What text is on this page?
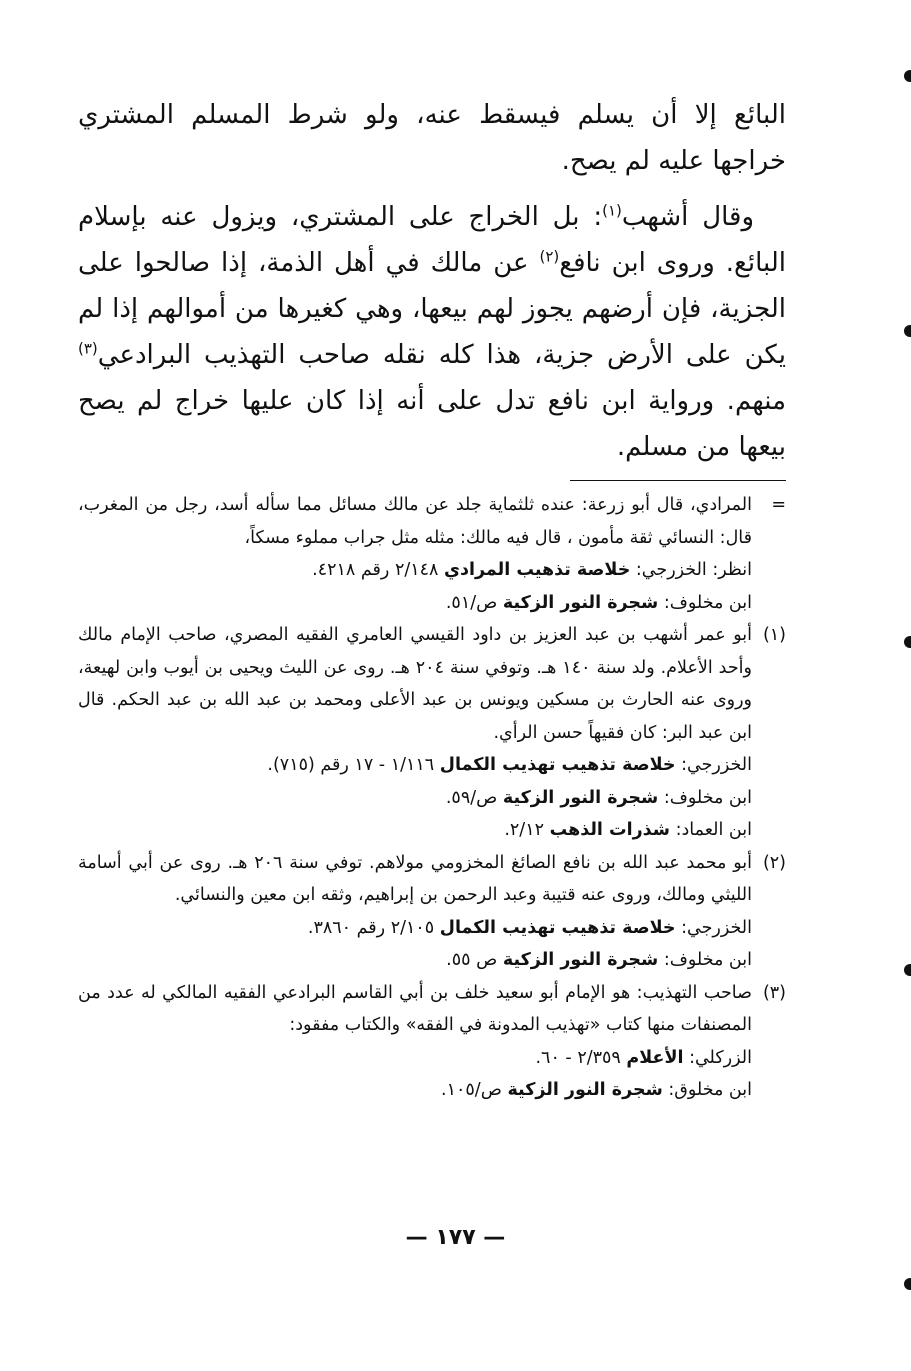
البائع إلا أن يسلم فيسقط عنه، ولو شرط المسلم المشتري خراجها عليه لم يصح.

وقال أشهب$^{(١)}$: بل الخراج على المشتري، ويزول عنه بإسلام البائع. وروى ابن نافع$^{(٢)}$ عن مالك في أهل الذمة، إذا صالحوا على الجزية، فإن أرضهم يجوز لهم بيعها، وهي كغيرها من أموالهم إذا لم يكن على الأرض جزية، هذا كله نقله صاحب التهذيب البرادعي$^{(٣)}$ منهم. ورواية ابن نافع تدل على أنه إذا كان عليها خراج لم يصح بيعها من مسلم.

=

المرادي، قال أبو زرعة: عنده ثلثماية جلد عن مالك مسائل مما سأله أسد، رجل من المغرب، قال: النسائي ثقة مأمون ، قال فيه مالك: مثله مثل جراب مملوء مسكاً،

انظر: الخزرجي: خلاصة تذهيب المرادي ٢/١٤٨ رقم ٤٢١٨.

ابن مخلوف: شجرة النور الزكية ص/٥١.

(١)

أبو عمر أشهب بن عبد العزيز بن داود القيسي العامري الفقيه المصري، صاحب الإمام مالك وأحد الأعلام. ولد سنة ١٤٠ هـ. وتوفي سنة ٢٠٤ هـ. روى عن الليث ويحيى بن أيوب وابن لهيعة، وروى عنه الحارث بن مسكين ويونس بن عبد الأعلى ومحمد بن عبد الله بن عبد الحكم. قال ابن عبد البر: كان فقيهاً حسن الرأي.

الخزرجي: خلاصة تذهيب تهذيب الكمال ١/١١٦ - ١٧ رقم (٧١٥).

ابن مخلوف: شجرة النور الزكية ص/٥٩.

ابن العماد: شذرات الذهب ٢/١٢.

(٢)

أبو محمد عبد الله بن نافع الصائغ المخزومي مولاهم. توفي سنة ٢٠٦ هـ. روى عن أبي أسامة الليثي ومالك، وروى عنه قتيبة وعبد الرحمن بن إبراهيم، وثقه ابن معين والنسائي.

الخزرجي: خلاصة تذهيب تهذيب الكمال ٢/١٠٥ رقم ٣٨٦٠.

ابن مخلوف: شجرة النور الزكية ص ٥٥.

(٣)

صاحب التهذيب: هو الإمام أبو سعيد خلف بن أبي القاسم البرادعي الفقيه المالكي له عدد من المصنفات منها كتاب «تهذيب المدونة في الفقه» والكتاب مفقود:

الزركلي: الأعلام ٢/٣٥٩ - ٦٠.

ابن مخلوق: شجرة النور الزكية ص/١٠٥.

— ١٧٧ —
